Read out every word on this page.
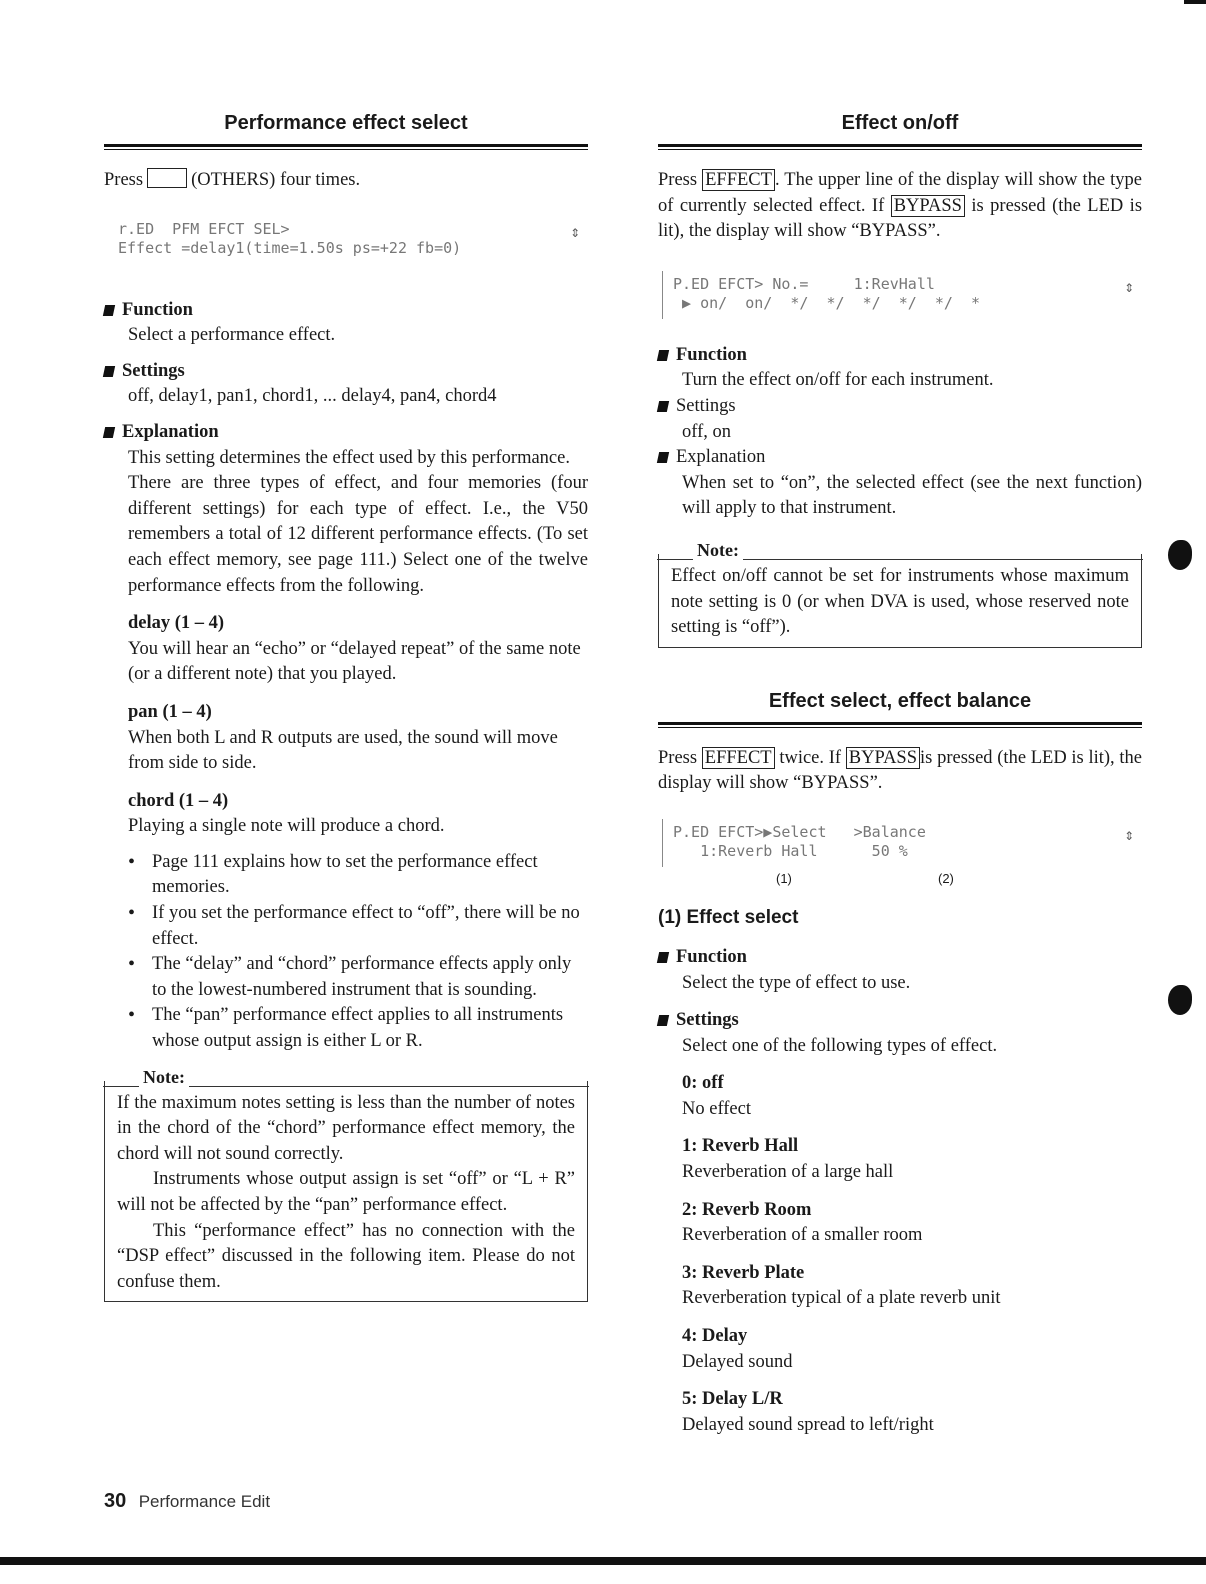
Performance effect select

Press	(OTHERS) four times.

r.ED  PFM EFCT SEL>
Effect =delay1(time=1.50s ps=+22 fb=0)
⇕
Function

Select a performance effect.

Settings

off, delay1, pan1, chord1, ... delay4, pan4, chord4

Explanation

This setting determines the effect used by this performance.

There are three types of effect, and four memories (four different settings) for each type of effect. I.e., the V50 remembers a total of 12 different performance effects. (To set each effect memory, see page 111.) Select one of the twelve performance effects from the following.

delay (1 – 4)

You will hear an “echo” or “delayed repeat” of the same note (or a different note) that you played.

pan (1 – 4)

When both L and R outputs are used, the sound will move from side to side.

chord (1 – 4)

Playing a single note will produce a chord.

• Page 111 explains how to set the performance effect memories.
• If you set the performance effect to “off”, there will be no effect.
• The “delay” and “chord” performance effects apply only to the lowest-numbered instrument that is sounding.
• The “pan” performance effect applies to all instruments whose output assign is either L or R.
Note:

If the maximum notes setting is less than the number of notes in the chord of the “chord” performance effect memory, the chord will not sound correctly.

Instruments whose output assign is set “off” or “L + R” will not be affected by the “pan” performance effect.

This “performance effect” has no connection with the “DSP effect” discussed in the following item. Please do not confuse them.

Effect on/off

Press EFFECT . The upper line of the display will show the type of currently selected effect. If BYPASS is pressed (the LED is lit), the display will show “BYPASS”.

P.ED EFCT> No.=     1:RevHall
▶ on/  on/  */  */  */  */  */  *
⇕
Function

Turn the effect on/off for each instrument.

Settings

off, on

Explanation

When set to “on”, the selected effect (see the next function) will apply to that instrument.

Note:

Effect on/off cannot be set for instruments whose maximum note setting is 0 (or when DVA is used, whose reserved note setting is “off”).

Effect select, effect balance

Press EFFECT twice. If BYPASS is pressed (the LED is lit), the display will show “BYPASS”.

P.ED EFCT>▶Select   >Balance
1:Reverb Hall      50 %
⇕
(1)	(2)
(1) Effect select
Function

Select the type of effect to use.

Settings

Select one of the following types of effect.

0: off

No effect

1: Reverb Hall

Reverberation of a large hall

2: Reverb Room

Reverberation of a smaller room

3: Reverb Plate

Reverberation typical of a plate reverb unit

4: Delay

Delayed sound

5: Delay L/R

Delayed sound spread to left/right

30 Performance Edit
